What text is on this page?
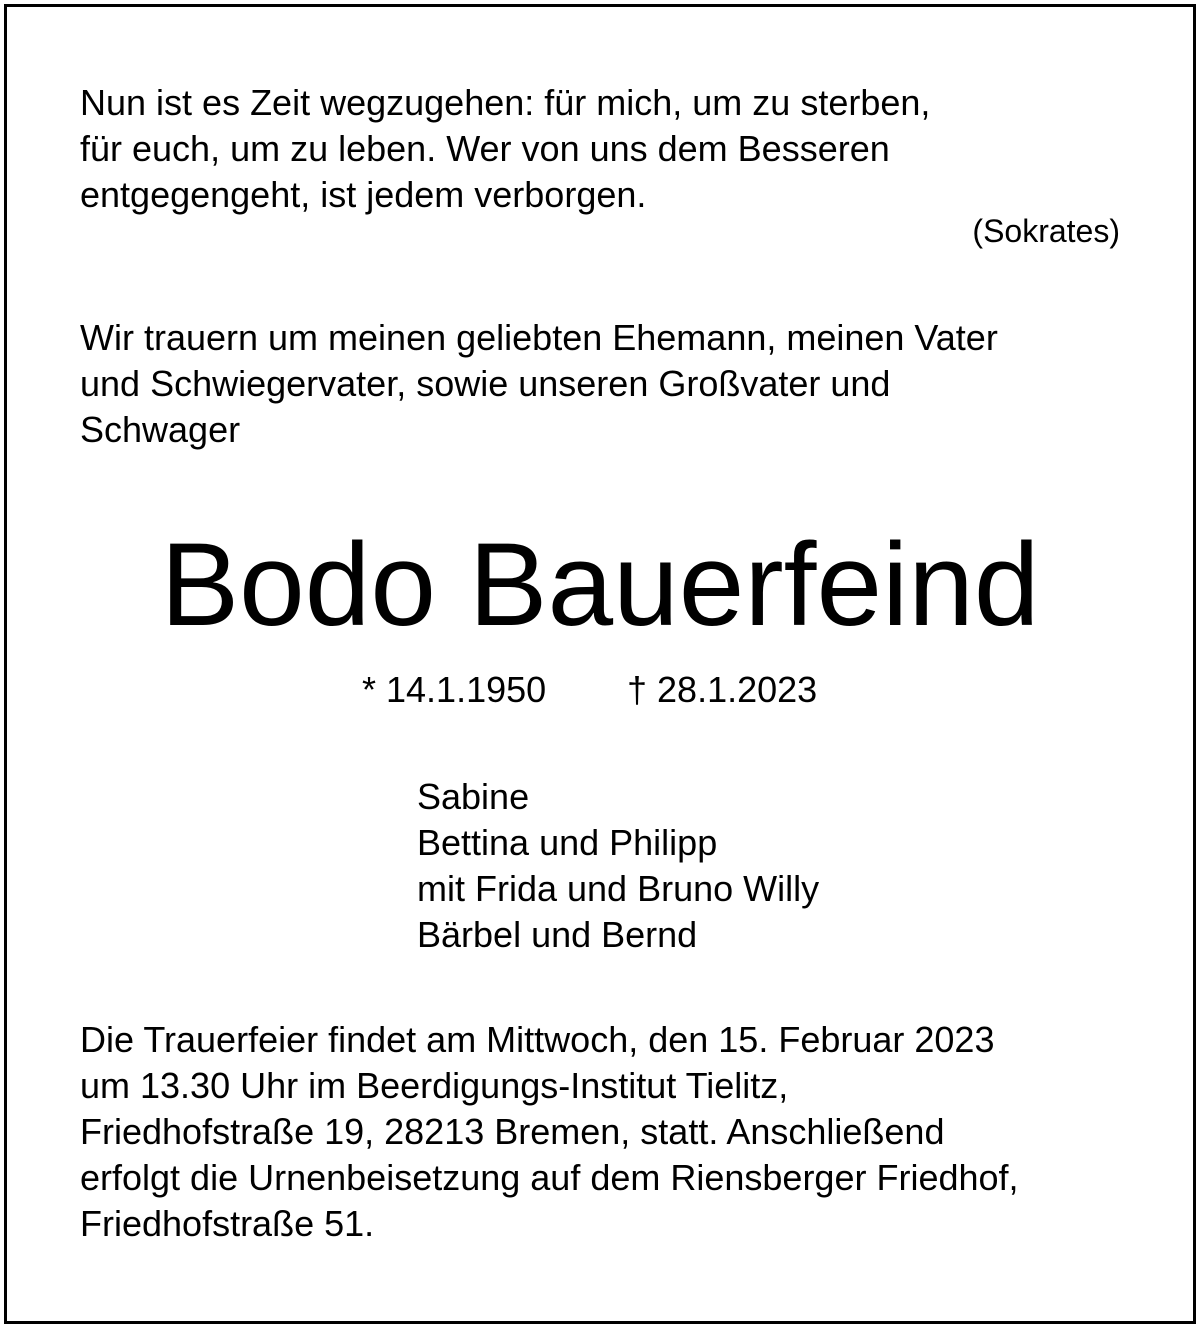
Nun ist es Zeit wegzugehen: für mich, um zu sterben,
für euch, um zu leben. Wer von uns dem Besseren
entgegengeht, ist jedem verborgen.
(Sokrates)
Wir trauern um meinen geliebten Ehemann, meinen Vater
und Schwiegervater, sowie unseren Großvater und
Schwager
Bodo Bauerfeind
* 14.1.1950 † 28.1.2023
Sabine
Bettina und Philipp
mit Frida und Bruno Willy
Bärbel und Bernd
Die Trauerfeier findet am Mittwoch, den 15. Februar 2023
um 13.30 Uhr im Beerdigungs-Institut Tielitz,
Friedhofstraße 19, 28213 Bremen, statt. Anschließend
erfolgt die Urnenbeisetzung auf dem Riensberger Friedhof,
Friedhofstraße 51.
